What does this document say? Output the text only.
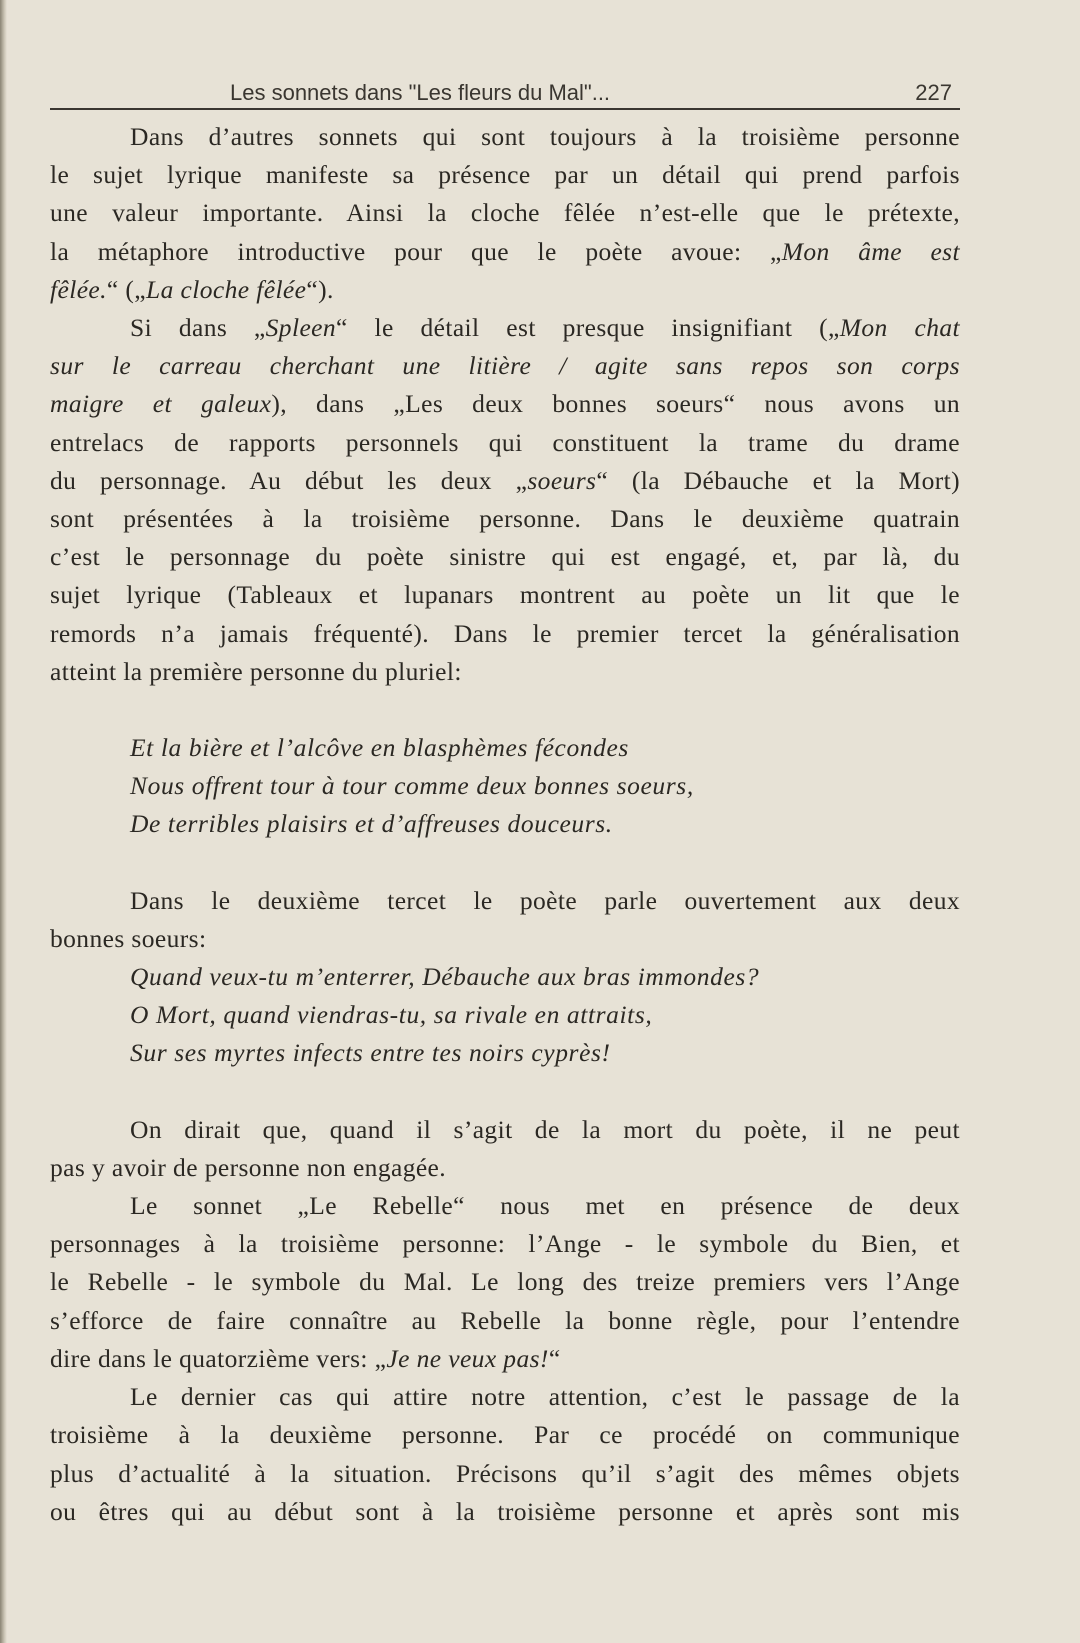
Les sonnets dans "Les fleurs du Mal"...	227

Dans d’autres sonnets qui sont toujours à la troisième personne
le sujet lyrique manifeste sa présence par un détail qui prend parfois
une valeur importante. Ainsi la cloche fêlée n’est-elle que le prétexte,
la métaphore introductive pour que le poète avoue: „Mon âme est
fêlée.“ („La cloche fêlée“).

Si dans „Spleen“ le détail est presque insignifiant („Mon chat
sur le carreau cherchant une litière / agite sans repos son corps
maigre et galeux), dans „Les deux bonnes soeurs“ nous avons un
entrelacs de rapports personnels qui constituent la trame du drame
du personnage. Au début les deux „soeurs“ (la Débauche et la Mort)
sont présentées à la troisième personne. Dans le deuxième quatrain
c’est le personnage du poète sinistre qui est engagé, et, par là, du
sujet lyrique (Tableaux et lupanars montrent au poète un lit que le
remords n’a jamais fréquenté). Dans le premier tercet la généralisation
atteint la première personne du pluriel:

Et la bière et l’alcôve en blasphèmes fécondes
Nous offrent tour à tour comme deux bonnes soeurs,
De terribles plaisirs et d’affreuses douceurs.

Dans le deuxième tercet le poète parle ouvertement aux deux
bonnes soeurs:

Quand veux-tu m’enterrer, Débauche aux bras immondes?
O Mort, quand viendras-tu, sa rivale en attraits,
Sur ses myrtes infects entre tes noirs cyprès!

On dirait que, quand il s’agit de la mort du poète, il ne peut
pas y avoir de personne non engagée.

Le sonnet „Le Rebelle“ nous met en présence de deux
personnages à la troisième personne: l’Ange - le symbole du Bien, et
le Rebelle - le symbole du Mal. Le long des treize premiers vers l’Ange
s’efforce de faire connaître au Rebelle la bonne règle, pour l’entendre
dire dans le quatorzième vers: „Je ne veux pas!“

Le dernier cas qui attire notre attention, c’est le passage de la
troisième à la deuxième personne. Par ce procédé on communique
plus d’actualité à la situation. Précisons qu’il s’agit des mêmes objets
ou êtres qui au début sont à la troisième personne et après sont mis
